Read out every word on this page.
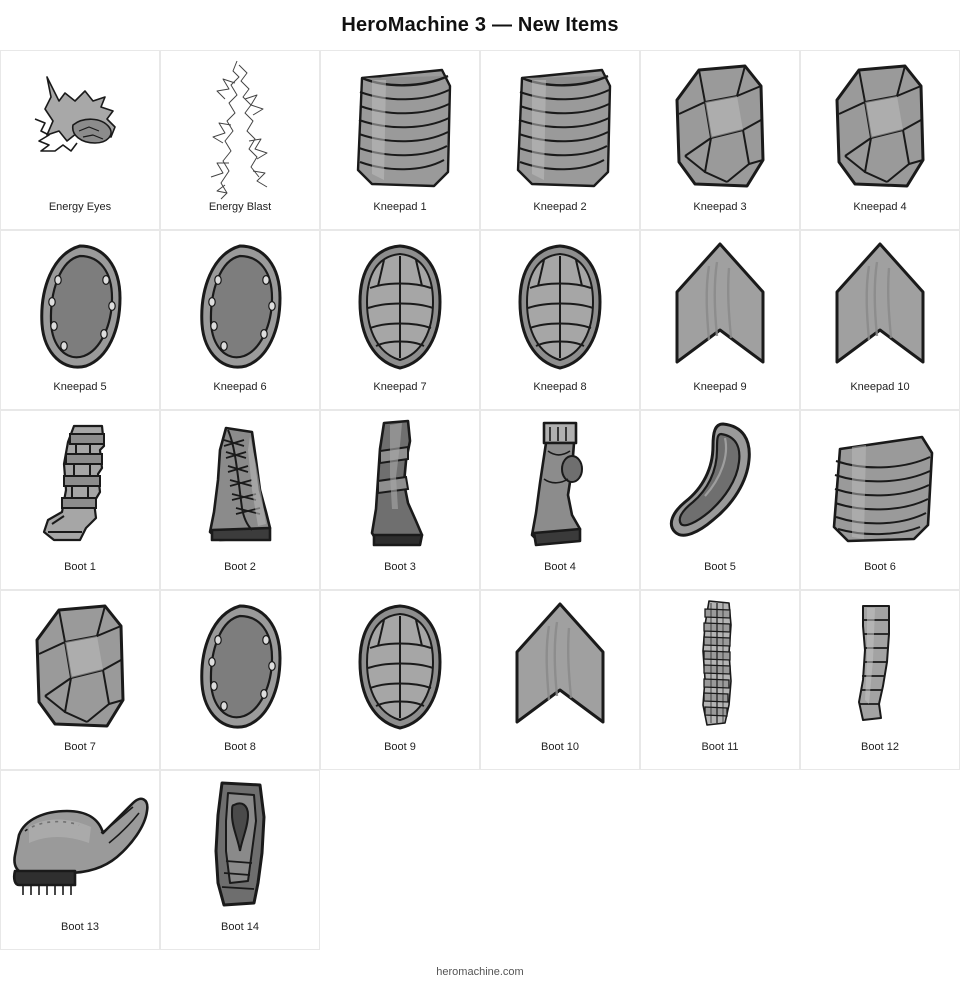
HeroMachine 3 — New Items
Energy Eyes	Energy Blast	Kneepad 1	Kneepad 2	Kneepad 3	Kneepad 4
Kneepad 5	Kneepad 6	Kneepad 7	Kneepad 8	Kneepad 9	Kneepad 10
Boot 1	Boot 2	Boot 3	Boot 4	Boot 5	Boot 6
Boot 7	Boot 8	Boot 9	Boot 10	Boot 11	Boot 12
Boot 13	Boot 14
heromachine.com
